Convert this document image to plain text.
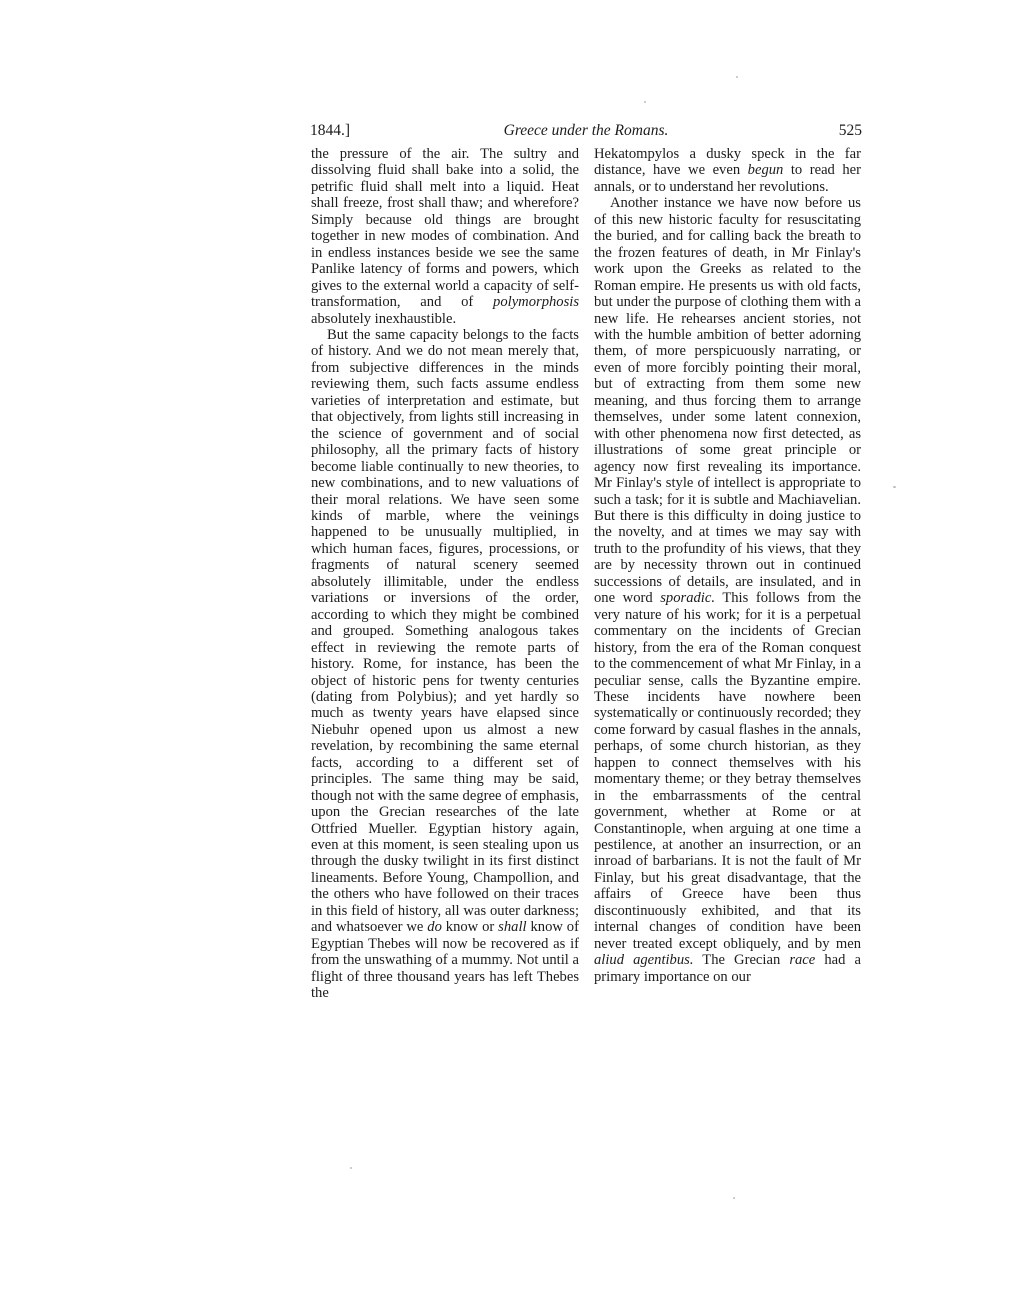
1844.]	Greece under the Romans.	525

the pressure of the air. The sultry and dissolving fluid shall bake into a solid, the petrific fluid shall melt into a liquid. Heat shall freeze, frost shall thaw; and wherefore? Simply because old things are brought together in new modes of combination. And in endless instances beside we see the same Panlike latency of forms and powers, which gives to the external world a capacity of self-transformation, and of polymorphosis absolutely inexhaustible.

But the same capacity belongs to the facts of history. And we do not mean merely that, from subjective differences in the minds reviewing them, such facts assume endless varieties of interpretation and estimate, but that objectively, from lights still increasing in the science of government and of social philosophy, all the primary facts of history become liable continually to new theories, to new combinations, and to new valuations of their moral relations. We have seen some kinds of marble, where the veinings happened to be unusually multiplied, in which human faces, figures, processions, or fragments of natural scenery seemed absolutely illimitable, under the endless variations or inversions of the order, according to which they might be combined and grouped. Something analogous takes effect in reviewing the remote parts of history. Rome, for instance, has been the object of historic pens for twenty centuries (dating from Polybius); and yet hardly so much as twenty years have elapsed since Niebuhr opened upon us almost a new revelation, by recombining the same eternal facts, according to a different set of principles. The same thing may be said, though not with the same degree of emphasis, upon the Grecian researches of the late Ottfried Mueller. Egyptian history again, even at this moment, is seen stealing upon us through the dusky twilight in its first distinct lineaments. Before Young, Champollion, and the others who have followed on their traces in this field of history, all was outer darkness; and whatsoever we do know or shall know of Egyptian Thebes will now be recovered as if from the unswathing of a mummy. Not until a flight of three thousand years has left Thebes the

Hekatompylos a dusky speck in the far distance, have we even begun to read her annals, or to understand her revolutions.

Another instance we have now before us of this new historic faculty for resuscitating the buried, and for calling back the breath to the frozen features of death, in Mr Finlay's work upon the Greeks as related to the Roman empire. He presents us with old facts, but under the purpose of clothing them with a new life. He rehearses ancient stories, not with the humble ambition of better adorning them, of more perspicuously narrating, or even of more forcibly pointing their moral, but of extracting from them some new meaning, and thus forcing them to arrange themselves, under some latent connexion, with other phenomena now first detected, as illustrations of some great principle or agency now first revealing its importance. Mr Finlay's style of intellect is appropriate to such a task; for it is subtle and Machiavelian. But there is this difficulty in doing justice to the novelty, and at times we may say with truth to the profundity of his views, that they are by necessity thrown out in continued successions of details, are insulated, and in one word sporadic. This follows from the very nature of his work; for it is a perpetual commentary on the incidents of Grecian history, from the era of the Roman conquest to the commencement of what Mr Finlay, in a peculiar sense, calls the Byzantine empire. These incidents have nowhere been systematically or continuously recorded; they come forward by casual flashes in the annals, perhaps, of some church historian, as they happen to connect themselves with his momentary theme; or they betray themselves in the embarrassments of the central government, whether at Rome or at Constantinople, when arguing at one time a pestilence, at another an insurrection, or an inroad of barbarians. It is not the fault of Mr Finlay, but his great disadvantage, that the affairs of Greece have been thus discontinuously exhibited, and that its internal changes of condition have been never treated except obliquely, and by men aliud agentibus. The Grecian race had a primary importance on our
